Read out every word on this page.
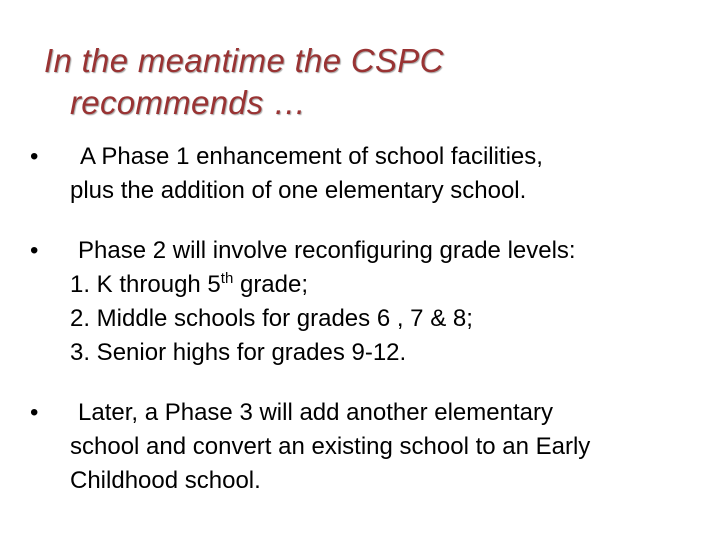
In the meantime the CSPC
recommends …
•	A Phase 1 enhancement of school facilities,
plus the addition of one elementary school.
•	Phase 2 will involve reconfiguring grade levels:
1. K through 5th grade;
2. Middle schools for grades 6 , 7 & 8;
3. Senior highs for grades 9-12.
•	Later, a Phase 3 will add another elementary
school and convert an existing school to an Early
Childhood school.
